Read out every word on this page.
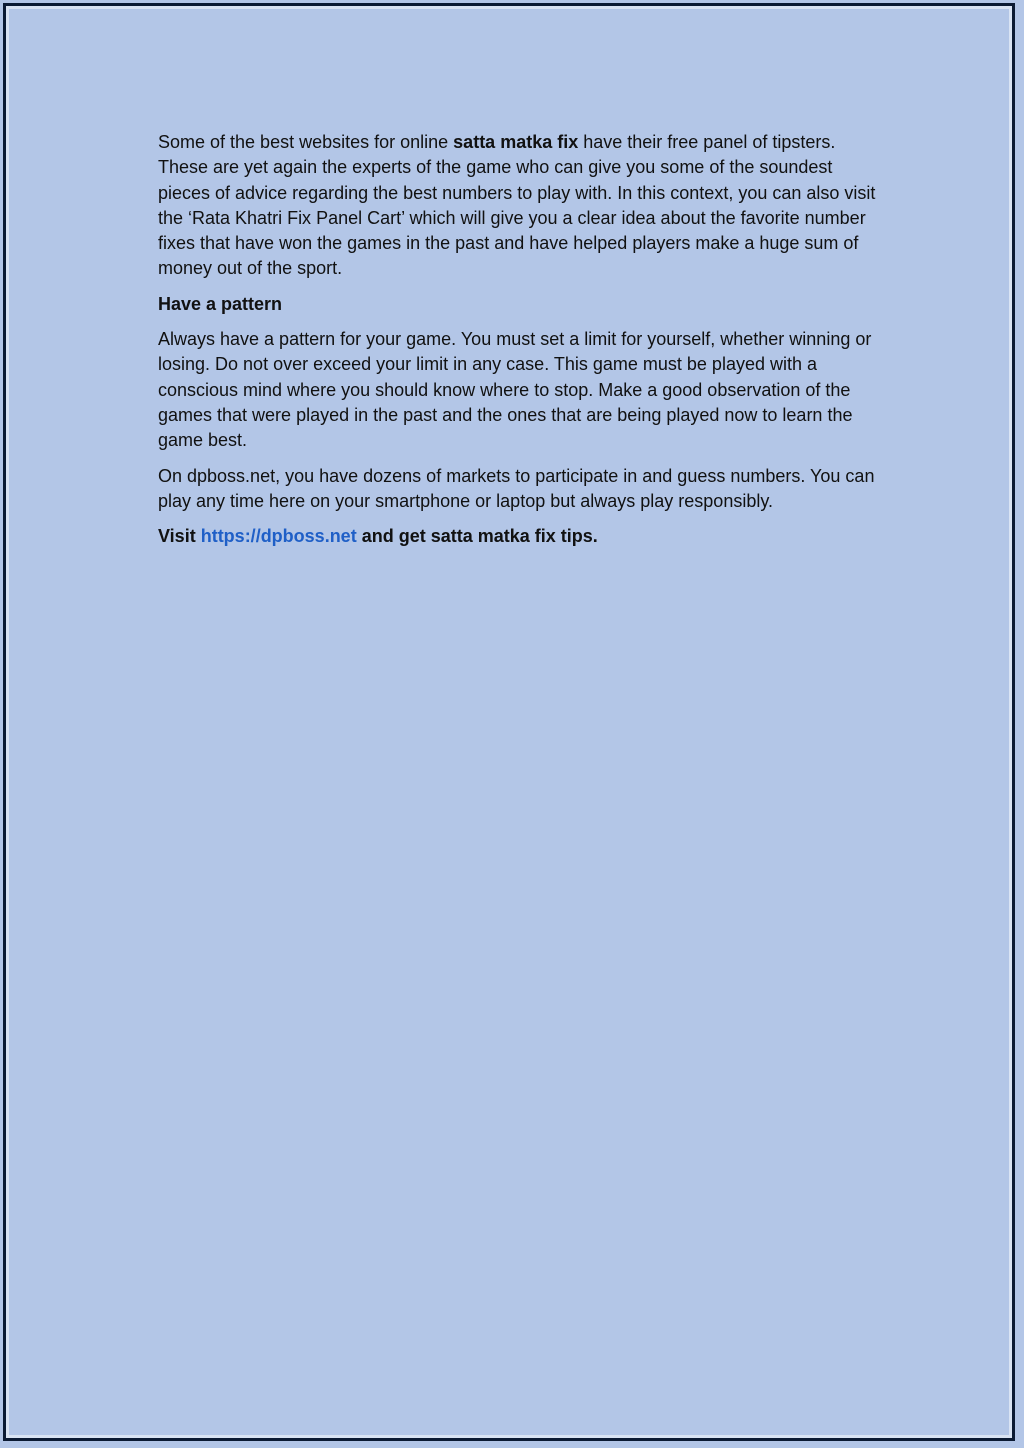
Some of the best websites for online satta matka fix have their free panel of tipsters. These are yet again the experts of the game who can give you some of the soundest pieces of advice regarding the best numbers to play with. In this context, you can also visit the ‘Rata Khatri Fix Panel Cart’ which will give you a clear idea about the favorite number fixes that have won the games in the past and have helped players make a huge sum of money out of the sport.

Have a pattern

Always have a pattern for your game. You must set a limit for yourself, whether winning or losing. Do not over exceed your limit in any case. This game must be played with a conscious mind where you should know where to stop. Make a good observation of the games that were played in the past and the ones that are being played now to learn the game best.

On dpboss.net, you have dozens of markets to participate in and guess numbers. You can play any time here on your smartphone or laptop but always play responsibly.

Visit https://dpboss.net and get satta matka fix tips.
